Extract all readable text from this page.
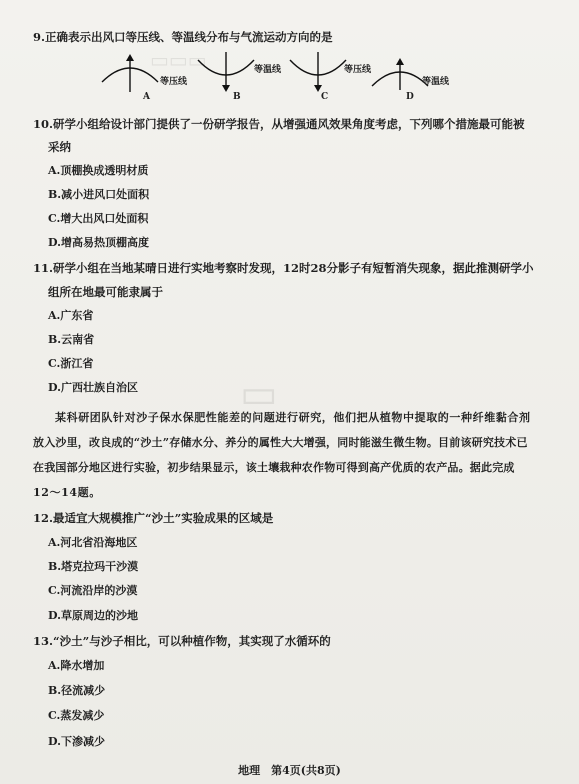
▭▭▭
▭
9.正确表示出风口等压线、等温线分布与气流运动方向的是
等压线
A
等温线
B
等压线
C
等温线
D
10.研学小组给设计部门提供了一份研学报告，从增强通风效果角度考虑，下列哪个措施最可能被
采纳
A.顶棚换成透明材质
B.减小进风口处面积
C.增大出风口处面积
D.增高易热顶棚高度
11.研学小组在当地某晴日进行实地考察时发现，12时28分影子有短暂消失现象，据此推测研学小
组所在地最可能隶属于
A.广东省
B.云南省
C.浙江省
D.广西壮族自治区
某科研团队针对沙子保水保肥性能差的问题进行研究，他们把从植物中提取的一种纤维黏合剂
放入沙里，改良成的“沙土”存储水分、养分的属性大大增强，同时能滋生微生物。目前该研究技术已
在我国部分地区进行实验，初步结果显示，该土壤栽种农作物可得到高产优质的农产品。据此完成
12～14题。
12.最适宜大规模推广“沙土”实验成果的区域是
A.河北省沿海地区
B.塔克拉玛干沙漠
C.河流沿岸的沙漠
D.草原周边的沙地
13.“沙土”与沙子相比，可以种植作物，其实现了水循环的
A.降水增加
B.径流减少
C.蒸发减少
D.下渗减少
地理　第4页(共8页)
